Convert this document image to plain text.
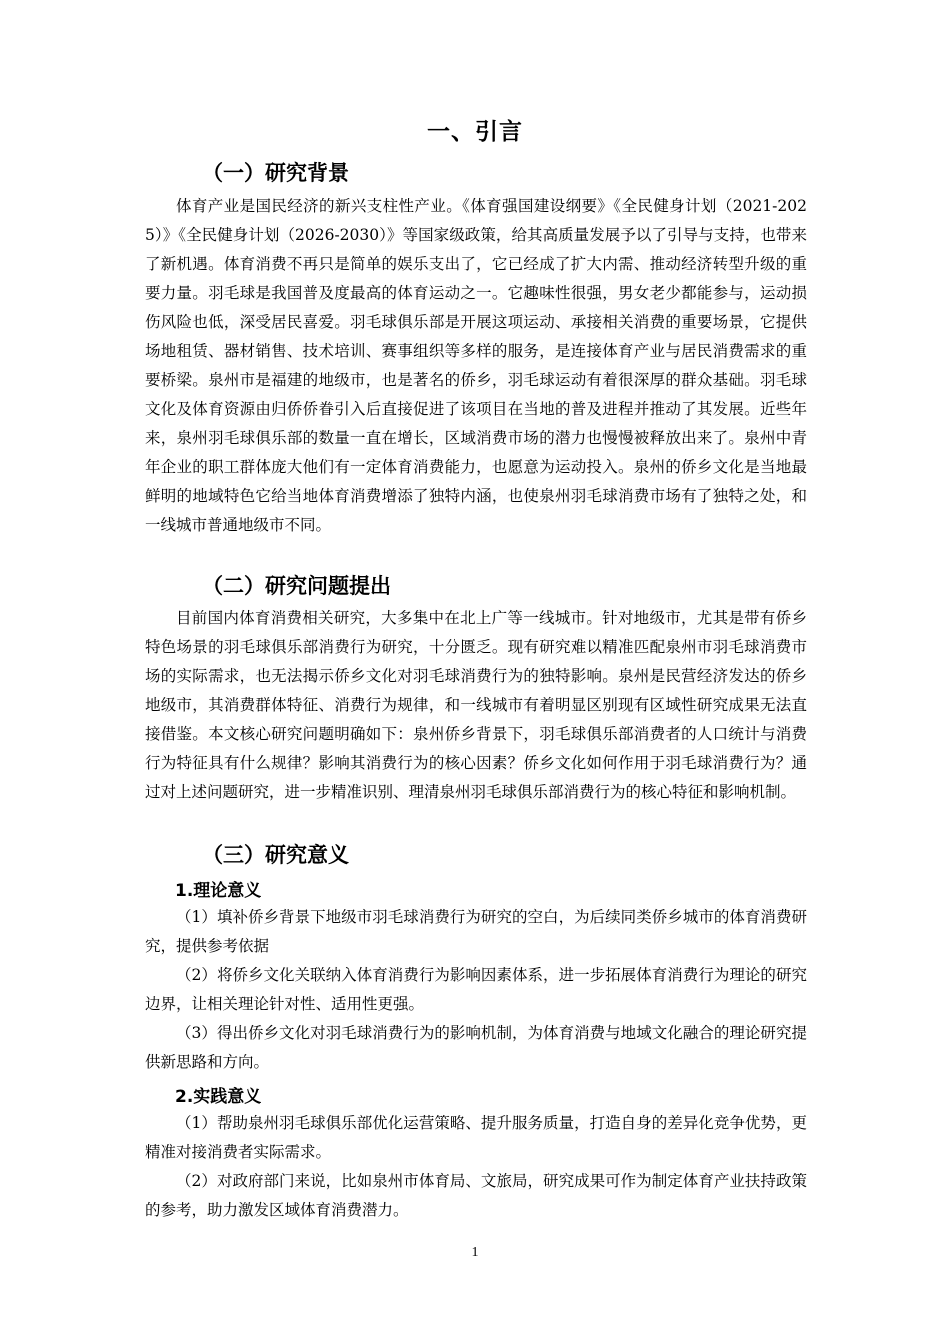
一、引言
（一）研究背景

体育产业是国民经济的新兴支柱性产业。《体育强国建设纲要》《全民健身计划（2021-2025）》《全民健身计划（2026-2030）》等国家级政策，给其高质量发展予以了引导与支持，也带来了新机遇。体育消费不再只是简单的娱乐支出了，它已经成了扩大内需、推动经济转型升级的重要力量。羽毛球是我国普及度最高的体育运动之一。它趣味性很强，男女老少都能参与，运动损伤风险也低，深受居民喜爱。羽毛球俱乐部是开展这项运动、承接相关消费的重要场景，它提供场地租赁、器材销售、技术培训、赛事组织等多样的服务，是连接体育产业与居民消费需求的重要桥梁。泉州市是福建的地级市，也是著名的侨乡，羽毛球运动有着很深厚的群众基础。羽毛球文化及体育资源由归侨侨眷引入后直接促进了该项目在当地的普及进程并推动了其发展。近些年来，泉州羽毛球俱乐部的数量一直在增长，区域消费市场的潜力也慢慢被释放出来了。泉州中青年企业的职工群体庞大他们有一定体育消费能力，也愿意为运动投入。泉州的侨乡文化是当地最鲜明的地域特色它给当地体育消费增添了独特内涵，也使泉州羽毛球消费市场有了独特之处，和一线城市普通地级市不同。

（二）研究问题提出

目前国内体育消费相关研究，大多集中在北上广等一线城市。针对地级市，尤其是带有侨乡特色场景的羽毛球俱乐部消费行为研究，十分匮乏。现有研究难以精准匹配泉州市羽毛球消费市场的实际需求，也无法揭示侨乡文化对羽毛球消费行为的独特影响。泉州是民营经济发达的侨乡地级市，其消费群体特征、消费行为规律，和一线城市有着明显区别现有区域性研究成果无法直接借鉴。本文核心研究问题明确如下：泉州侨乡背景下，羽毛球俱乐部消费者的人口统计与消费行为特征具有什么规律？影响其消费行为的核心因素？侨乡文化如何作用于羽毛球消费行为？通过对上述问题研究，进一步精准识别、理清泉州羽毛球俱乐部消费行为的核心特征和影响机制。

（三）研究意义
1.理论意义

（1）填补侨乡背景下地级市羽毛球消费行为研究的空白，为后续同类侨乡城市的体育消费研究，提供参考依据

（2）将侨乡文化关联纳入体育消费行为影响因素体系，进一步拓展体育消费行为理论的研究边界，让相关理论针对性、适用性更强。

（3）得出侨乡文化对羽毛球消费行为的影响机制，为体育消费与地域文化融合的理论研究提供新思路和方向。

2.实践意义

（1）帮助泉州羽毛球俱乐部优化运营策略、提升服务质量，打造自身的差异化竞争优势，更精准对接消费者实际需求。

（2）对政府部门来说，比如泉州市体育局、文旅局，研究成果可作为制定体育产业扶持政策的参考，助力激发区域体育消费潜力。

1
